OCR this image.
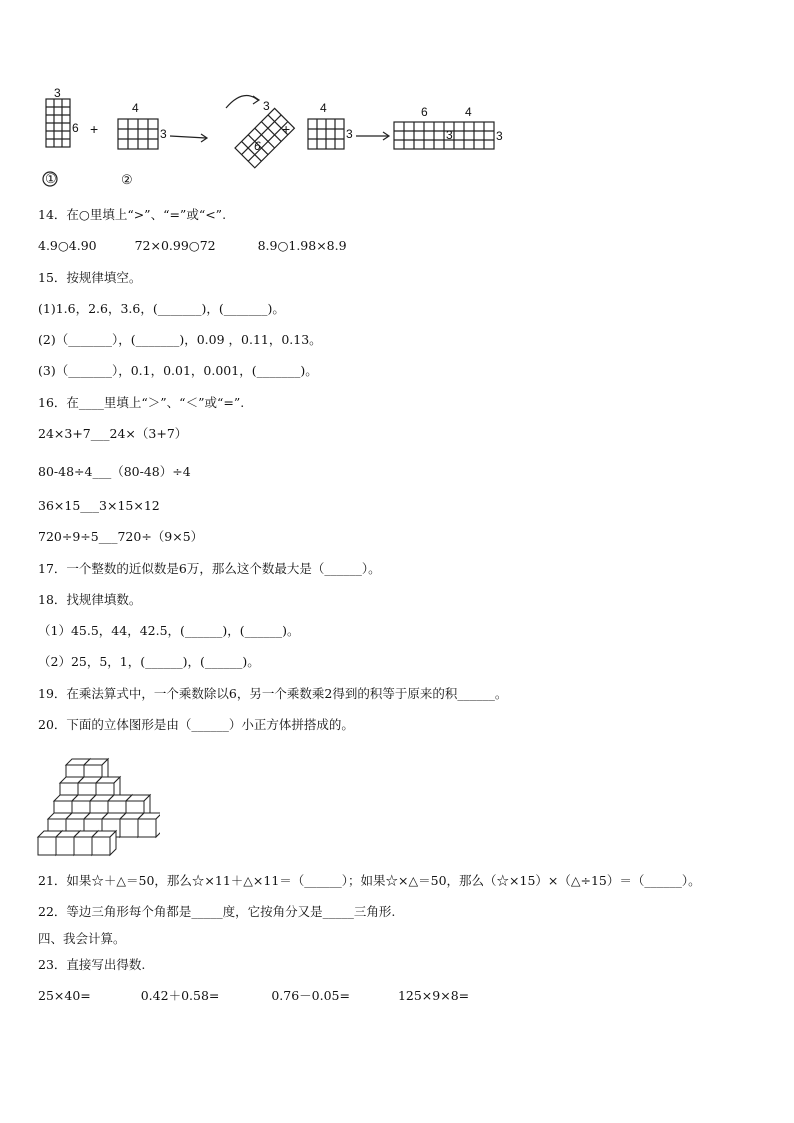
3
6 +
①
4
3
②
3
6
+
4
3
6	4
3	3
14．在○里填上“>”、“=”或“<”.
4.9○4.90	72×0.99○72	8.9○1.98×8.9
15．按规律填空。
(1)1.6，2.6，3.6，(_______)，(_______)。
(2)（_______），(_______)，0.09 ，0.11，0.13。
(3)（_______），0.1，0.01，0.001，(_______)。
16．在____里填上“＞”、“＜”或“=”.
24×3+7___24×（3+7）
80-48÷4___（80-48）÷4
36×15___3×15×12
720÷9÷5___720÷（9×5）
17．一个整数的近似数是6万，那么这个数最大是（______）。
18．找规律填数。
（1）45.5，44，42.5，(______)，(______)。
（2）25，5，1，(______)，(______)。
19．在乘法算式中，一个乘数除以6，另一个乘数乘2得到的积等于原来的积______。
20．下面的立体图形是由（______）小正方体拼搭成的。
21．如果☆＋△＝50，那么☆×11＋△×11＝（______）；如果☆×△＝50，那么（☆×15）×（△÷15）＝（______）。
22．等边三角形每个角都是_____度，它按角分又是_____三角形.
四、我会计算。
23．直接写出得数.
25×40=	0.42＋0.58=	0.76－0.05=	125×9×8=
